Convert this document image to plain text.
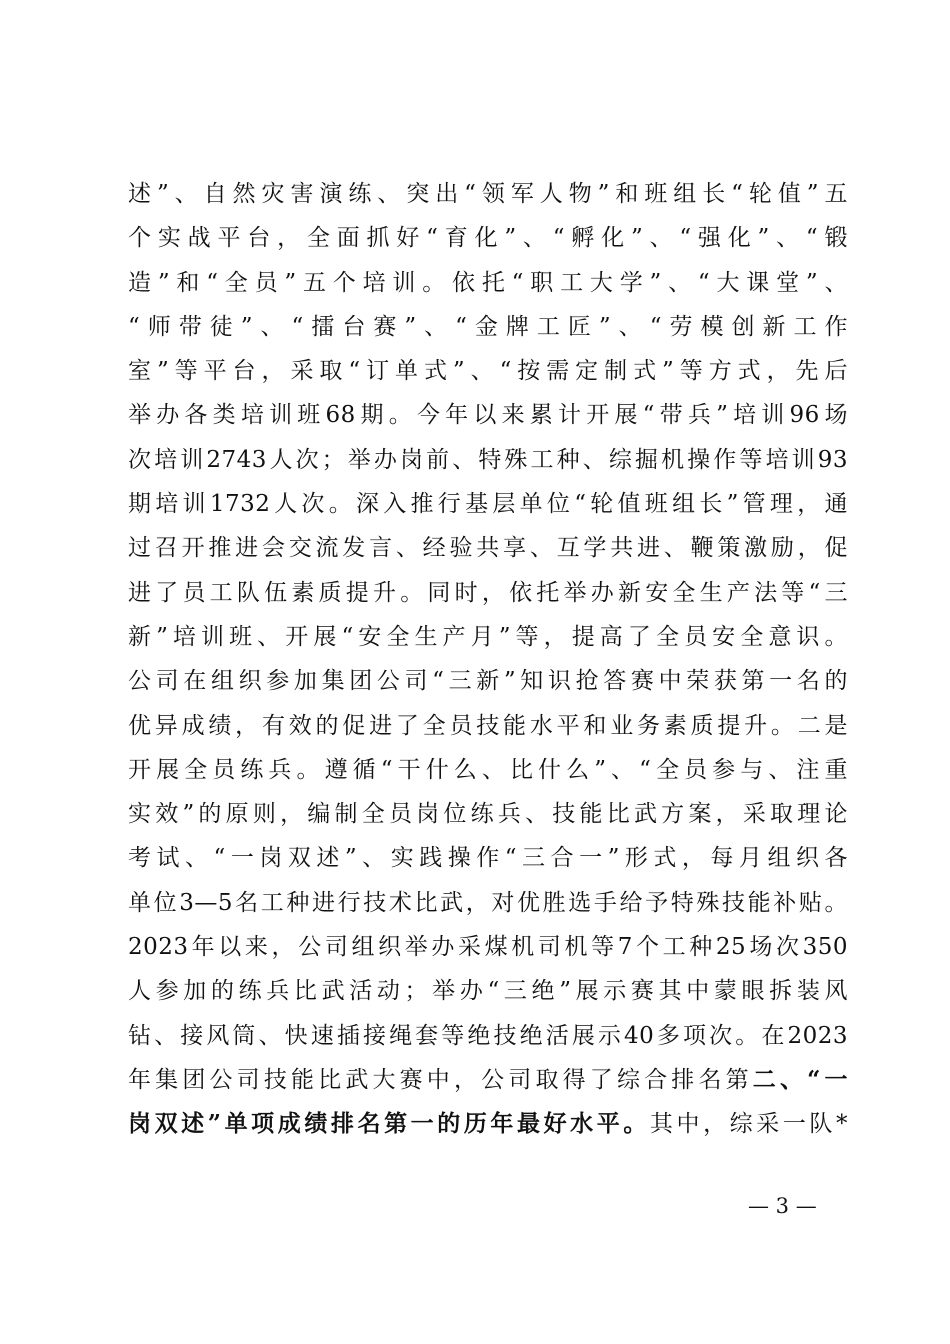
述”、自然灾害演练、突出“领军人物”和班组长“轮值”五
个实战平台，全面抓好“育化”、“孵化”、“强化”、“锻
造”和“全员”五个培训。依托“职工大学”、“大课堂”、
“师带徒”、“擂台赛”、“金牌工匠”、“劳模创新工作
室”等平台，采取“订单式”、“按需定制式”等方式，先后
举办各类培训班68期。今年以来累计开展“带兵”培训96场
次培训2743人次；举办岗前、特殊工种、综掘机操作等培训93
期培训1732人次。深入推行基层单位“轮值班组长”管理，通
过召开推进会交流发言、经验共享、互学共进、鞭策激励，促
进了员工队伍素质提升。同时，依托举办新安全生产法等“三
新”培训班、开展“安全生产月”等，提高了全员安全意识。
公司在组织参加集团公司“三新”知识抢答赛中荣获第一名的
优异成绩，有效的促进了全员技能水平和业务素质提升。二是
开展全员练兵。遵循“干什么、比什么”、“全员参与、注重
实效”的原则，编制全员岗位练兵、技能比武方案，采取理论
考试、“一岗双述”、实践操作“三合一”形式，每月组织各
单位3—5名工种进行技术比武，对优胜选手给予特殊技能补贴。
2023年以来，公司组织举办采煤机司机等7个工种25场次350
人参加的练兵比武活动；举办“三绝”展示赛其中蒙眼拆装风
钻、接风筒、快速插接绳套等绝技绝活展示40多项次。在2023
年集团公司技能比武大赛中，公司取得了综合排名第二、“一
岗双述”单项成绩排名第一的历年最好水平。其中，综采一队*
— 3 —
